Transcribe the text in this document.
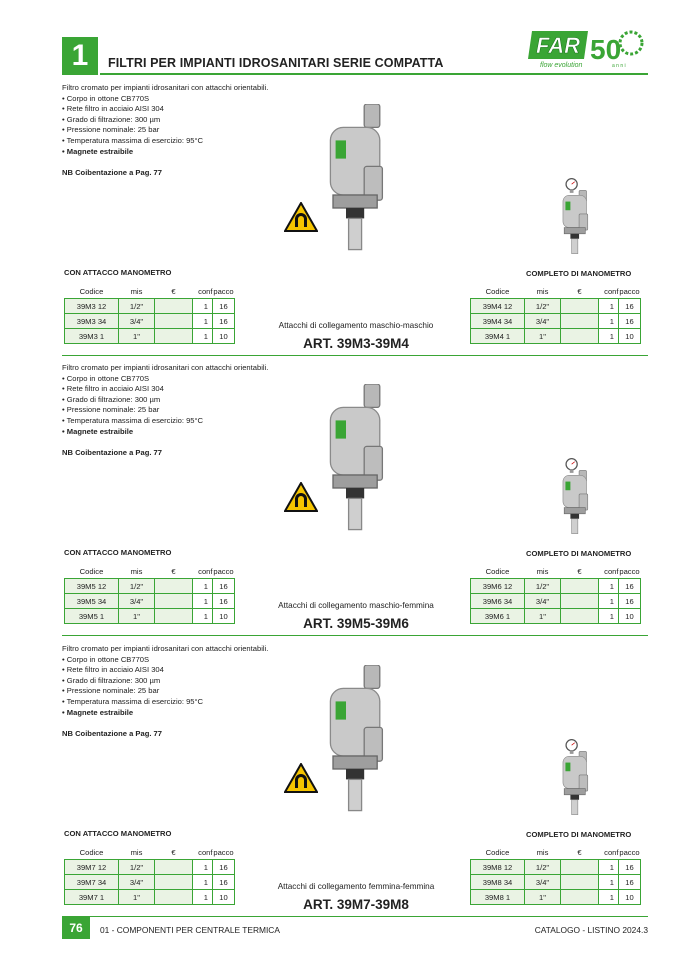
1	FILTRI PER IMPIANTI IDROSANITARI SERIE COMPATTA
FAR 50
flow evolution	a n n i
Filtro cromato per impianti idrosanitari con attacchi orientabili.
• Corpo in ottone CB770S
• Rete filtro in acciaio AISI 304
• Grado di filtrazione: 300 µm
• Pressione nominale: 25 bar
• Temperatura massima di esercizio: 95°C
• Magnete estraibile
NB Coibentazione a Pag. 77
CON ATTACCO MANOMETRO	COMPLETO DI MANOMETRO
Codice	mis	€	conf	pacco
39M3 12	1/2"		1	16
39M3 34	3/4"		1	16
39M3 1	1"		1	10
Codice	mis	€	conf	pacco
39M4 12	1/2"		1	16
39M4 34	3/4"		1	16
39M4 1	1"		1	10
Attacchi di collegamento maschio-maschio
ART. 39M3-39M4
Filtro cromato per impianti idrosanitari con attacchi orientabili.
• Corpo in ottone CB770S
• Rete filtro in acciaio AISI 304
• Grado di filtrazione: 300 µm
• Pressione nominale: 25 bar
• Temperatura massima di esercizio: 95°C
• Magnete estraibile
NB Coibentazione a Pag. 77
CON ATTACCO MANOMETRO	COMPLETO DI MANOMETRO
Codice	mis	€	conf	pacco
39M5 12	1/2"		1	16
39M5 34	3/4"		1	16
39M5 1	1"		1	10
Codice	mis	€	conf	pacco
39M6 12	1/2"		1	16
39M6 34	3/4"		1	16
39M6 1	1"		1	10
Attacchi di collegamento maschio-femmina
ART. 39M5-39M6
Filtro cromato per impianti idrosanitari con attacchi orientabili.
• Corpo in ottone CB770S
• Rete filtro in acciaio AISI 304
• Grado di filtrazione: 300 µm
• Pressione nominale: 25 bar
• Temperatura massima di esercizio: 95°C
• Magnete estraibile
NB Coibentazione a Pag. 77
CON ATTACCO MANOMETRO	COMPLETO DI MANOMETRO
Codice	mis	€	conf	pacco
39M7 12	1/2"		1	16
39M7 34	3/4"		1	16
39M7 1	1"		1	10
Codice	mis	€	conf	pacco
39M8 12	1/2"		1	16
39M8 34	3/4"		1	16
39M8 1	1"		1	10
Attacchi di collegamento femmina-femmina
ART. 39M7-39M8
76	01 - COMPONENTI PER CENTRALE TERMICA	CATALOGO - LISTINO 2024.3
